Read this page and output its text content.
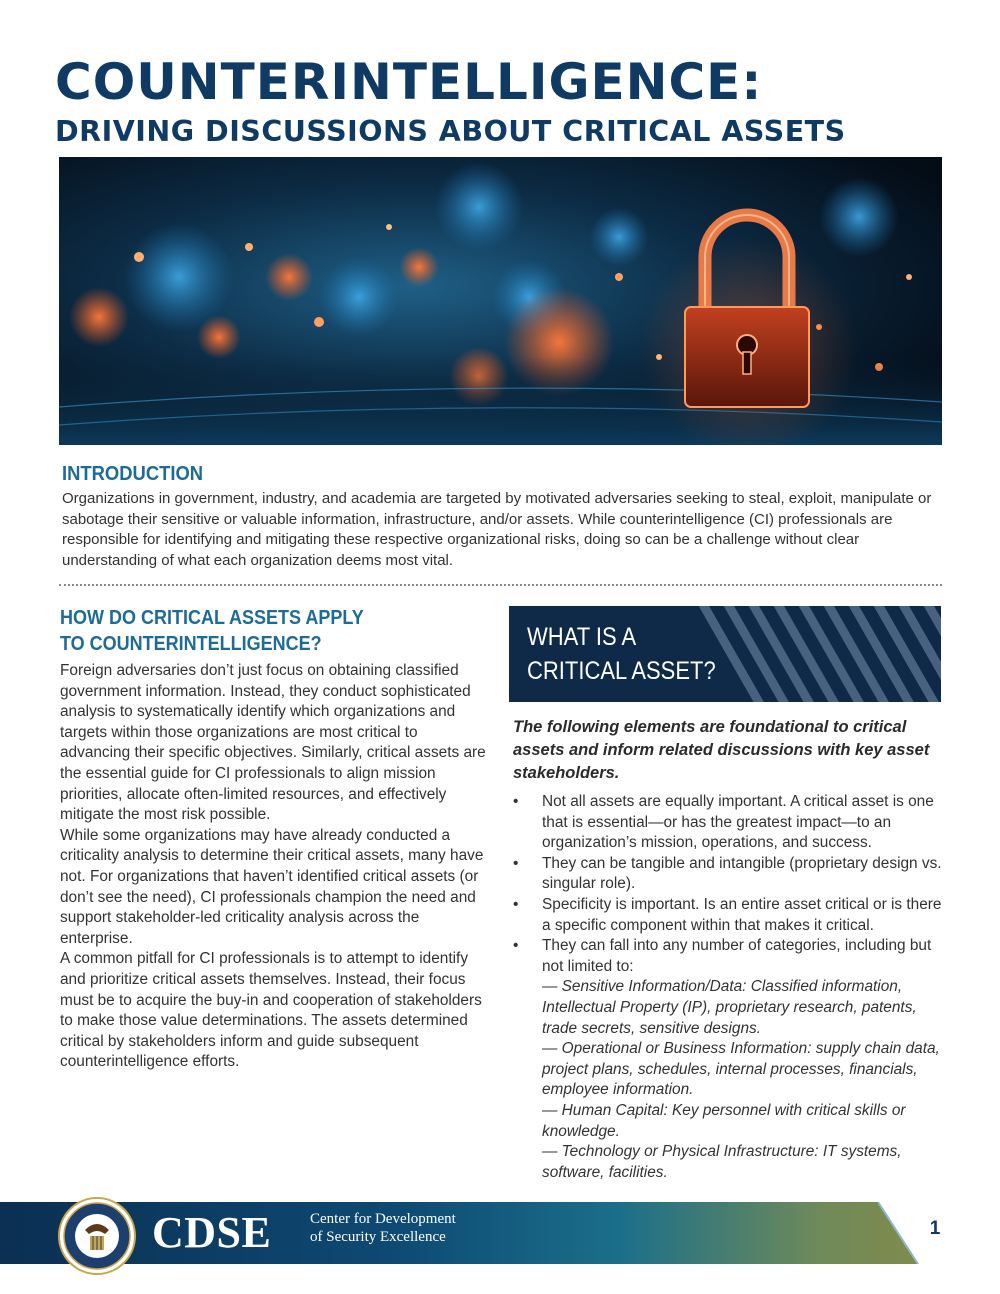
COUNTERINTELLIGENCE:
DRIVING DISCUSSIONS ABOUT CRITICAL ASSETS
INTRODUCTION

Organizations in government, industry, and academia are targeted by motivated adversaries seeking to steal, exploit, manipulate or sabotage their sensitive or valuable information, infrastructure, and/or assets. While counterintelligence (CI) professionals are responsible for identifying and mitigating these respective organizational risks, doing so can be a challenge without clear understanding of what each organization deems most vital.

HOW DO CRITICAL ASSETS APPLY
TO COUNTERINTELLIGENCE?

Foreign adversaries don’t just focus on obtaining classified government information. Instead, they conduct sophisticated analysis to systematically identify which organizations and targets within those organizations are most critical to advancing their specific objectives. Similarly, critical assets are the essential guide for CI professionals to align mission priorities, allocate often-limited resources, and effectively mitigate the most risk possible.

While some organizations may have already conducted a criticality analysis to determine their critical assets, many have not. For organizations that haven’t identified critical assets (or don’t see the need), CI professionals champion the need and support stakeholder-led criticality analysis across the enterprise.

A common pitfall for CI professionals is to attempt to identify and prioritize critical assets themselves. Instead, their focus must be to acquire the buy-in and cooperation of stakeholders to make those value determinations. The assets determined critical by stakeholders inform and guide subsequent counterintelligence efforts.

WHAT IS A
CRITICAL ASSET?

The following elements are foundational to critical assets and inform related discussions with key asset stakeholders.

• Not all assets are equally important. A critical asset is one that is essential—or has the greatest impact—to an organization’s mission, operations, and success.
• They can be tangible and intangible (proprietary design vs. singular role).
• Specificity is important. Is an entire asset critical or is there a specific component within that makes it critical.
• They can fall into any number of categories, including but not limited to:
— Sensitive Information/Data: Classified information, Intellectual Property (IP), proprietary research, patents, trade secrets, sensitive designs.
— Operational or Business Information: supply chain data, project plans, schedules, internal processes, financials, employee information.
— Human Capital: Key personnel with critical skills or knowledge.
— Technology or Physical Infrastructure: IT systems, software, facilities.
1
CDSE	Center for Development
of Security Excellence
